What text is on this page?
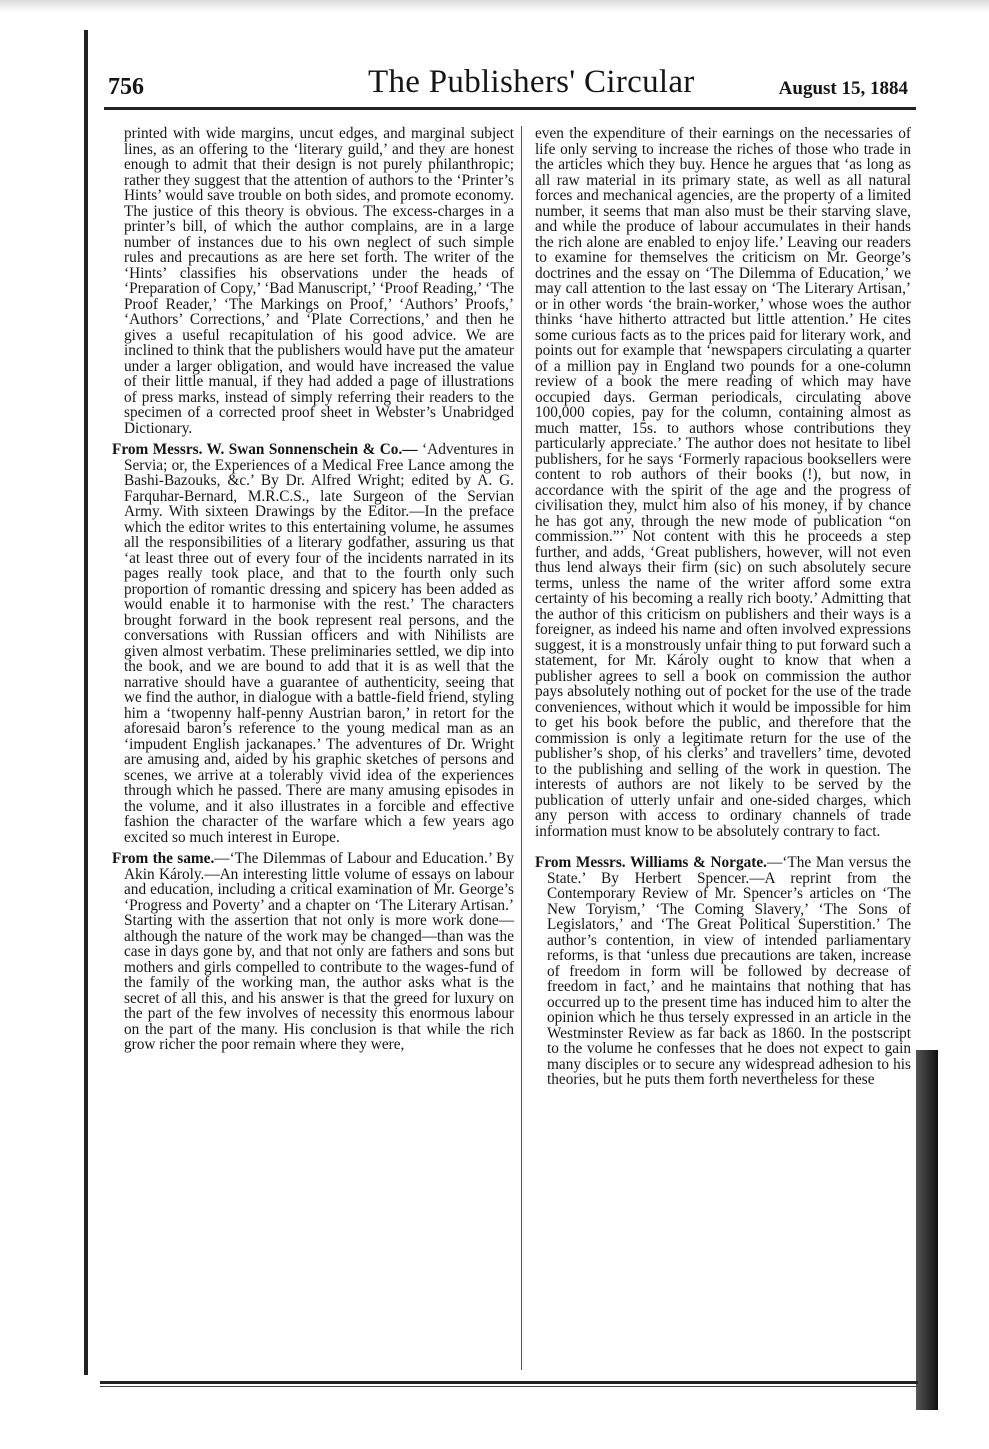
756	The Publishers' Circular	August 15, 1884

printed with wide margins, uncut edges, and marginal subject lines, as an offering to the ‘literary guild,’ and they are honest enough to admit that their design is not purely philanthropic; rather they suggest that the attention of authors to the ‘Printer’s Hints’ would save trouble on both sides, and promote economy. The justice of this theory is obvious. The excess-charges in a printer’s bill, of which the author complains, are in a large number of instances due to his own neglect of such simple rules and precautions as are here set forth. The writer of the ‘Hints’ classifies his observations under the heads of ‘Preparation of Copy,’ ‘Bad Manuscript,’ ‘Proof Reading,’ ‘The Proof Reader,’ ‘The Markings on Proof,’ ‘Authors’ Proofs,’ ‘Authors’ Corrections,’ and ‘Plate Corrections,’ and then he gives a useful recapitulation of his good advice. We are inclined to think that the publishers would have put the amateur under a larger obligation, and would have increased the value of their little manual, if they had added a page of illustrations of press marks, instead of simply referring their readers to the specimen of a corrected proof sheet in Webster’s Unabridged Dictionary.

From Messrs. W. Swan Sonnenschein & Co.— ‘Adventures in Servia; or, the Experiences of a Medical Free Lance among the Bashi-Bazouks, &c.’ By Dr. Alfred Wright; edited by A. G. Farquhar-Bernard, M.R.C.S., late Surgeon of the Servian Army. With sixteen Drawings by the Editor.—In the preface which the editor writes to this entertaining volume, he assumes all the responsibilities of a literary godfather, assuring us that ‘at least three out of every four of the incidents narrated in its pages really took place, and that to the fourth only such proportion of romantic dressing and spicery has been added as would enable it to harmonise with the rest.’ The characters brought forward in the book represent real persons, and the conversations with Russian officers and with Nihilists are given almost verbatim. These preliminaries settled, we dip into the book, and we are bound to add that it is as well that the narrative should have a guarantee of authenticity, seeing that we find the author, in dialogue with a battle-field friend, styling him a ‘twopenny half-penny Austrian baron,’ in retort for the aforesaid baron’s reference to the young medical man as an ‘impudent English jackanapes.’ The adventures of Dr. Wright are amusing and, aided by his graphic sketches of persons and scenes, we arrive at a tolerably vivid idea of the experiences through which he passed. There are many amusing episodes in the volume, and it also illustrates in a forcible and effective fashion the character of the warfare which a few years ago excited so much interest in Europe.

From the same.—‘The Dilemmas of Labour and Education.’ By Akin Károly.—An interesting little volume of essays on labour and education, including a critical examination of Mr. George’s ‘Progress and Poverty’ and a chapter on ‘The Literary Artisan.’ Starting with the assertion that not only is more work done—although the nature of the work may be changed—than was the case in days gone by, and that not only are fathers and sons but mothers and girls compelled to contribute to the wages-fund of the family of the working man, the author asks what is the secret of all this, and his answer is that the greed for luxury on the part of the few involves of necessity this enormous labour on the part of the many. His conclusion is that while the rich grow richer the poor remain where they were,

even the expenditure of their earnings on the necessaries of life only serving to increase the riches of those who trade in the articles which they buy. Hence he argues that ‘as long as all raw material in its primary state, as well as all natural forces and mechanical agencies, are the property of a limited number, it seems that man also must be their starving slave, and while the produce of labour accumulates in their hands the rich alone are enabled to enjoy life.’ Leaving our readers to examine for themselves the criticism on Mr. George’s doctrines and the essay on ‘The Dilemma of Education,’ we may call attention to the last essay on ‘The Literary Artisan,’ or in other words ‘the brain-worker,’ whose woes the author thinks ‘have hitherto attracted but little attention.’ He cites some curious facts as to the prices paid for literary work, and points out for example that ‘newspapers circulating a quarter of a million pay in England two pounds for a one-column review of a book the mere reading of which may have occupied days. German periodicals, circulating above 100,000 copies, pay for the column, containing almost as much matter, 15s. to authors whose contributions they particularly appreciate.’ The author does not hesitate to libel publishers, for he says ‘Formerly rapacious booksellers were content to rob authors of their books (!), but now, in accordance with the spirit of the age and the progress of civilisation they, mulct him also of his money, if by chance he has got any, through the new mode of publication “on commission.”’ Not content with this he proceeds a step further, and adds, ‘Great publishers, however, will not even thus lend always their firm (sic) on such absolutely secure terms, unless the name of the writer afford some extra certainty of his becoming a really rich booty.’ Admitting that the author of this criticism on publishers and their ways is a foreigner, as indeed his name and often involved expressions suggest, it is a monstrously unfair thing to put forward such a statement, for Mr. Károly ought to know that when a publisher agrees to sell a book on commission the author pays absolutely nothing out of pocket for the use of the trade conveniences, without which it would be impossible for him to get his book before the public, and therefore that the commission is only a legitimate return for the use of the publisher’s shop, of his clerks’ and travellers’ time, devoted to the publishing and selling of the work in question. The interests of authors are not likely to be served by the publication of utterly unfair and one-sided charges, which any person with access to ordinary channels of trade information must know to be absolutely contrary to fact.

From Messrs. Williams & Norgate.—‘The Man versus the State.’ By Herbert Spencer.—A reprint from the Contemporary Review of Mr. Spencer’s articles on ‘The New Toryism,’ ‘The Coming Slavery,’ ‘The Sons of Legislators,’ and ‘The Great Political Superstition.’ The author’s contention, in view of intended parliamentary reforms, is that ‘unless due precautions are taken, increase of freedom in form will be followed by decrease of freedom in fact,’ and he maintains that nothing that has occurred up to the present time has induced him to alter the opinion which he thus tersely expressed in an article in the Westminster Review as far back as 1860. In the postscript to the volume he confesses that he does not expect to gain many disciples or to secure any widespread adhesion to his theories, but he puts them forth nevertheless for these
